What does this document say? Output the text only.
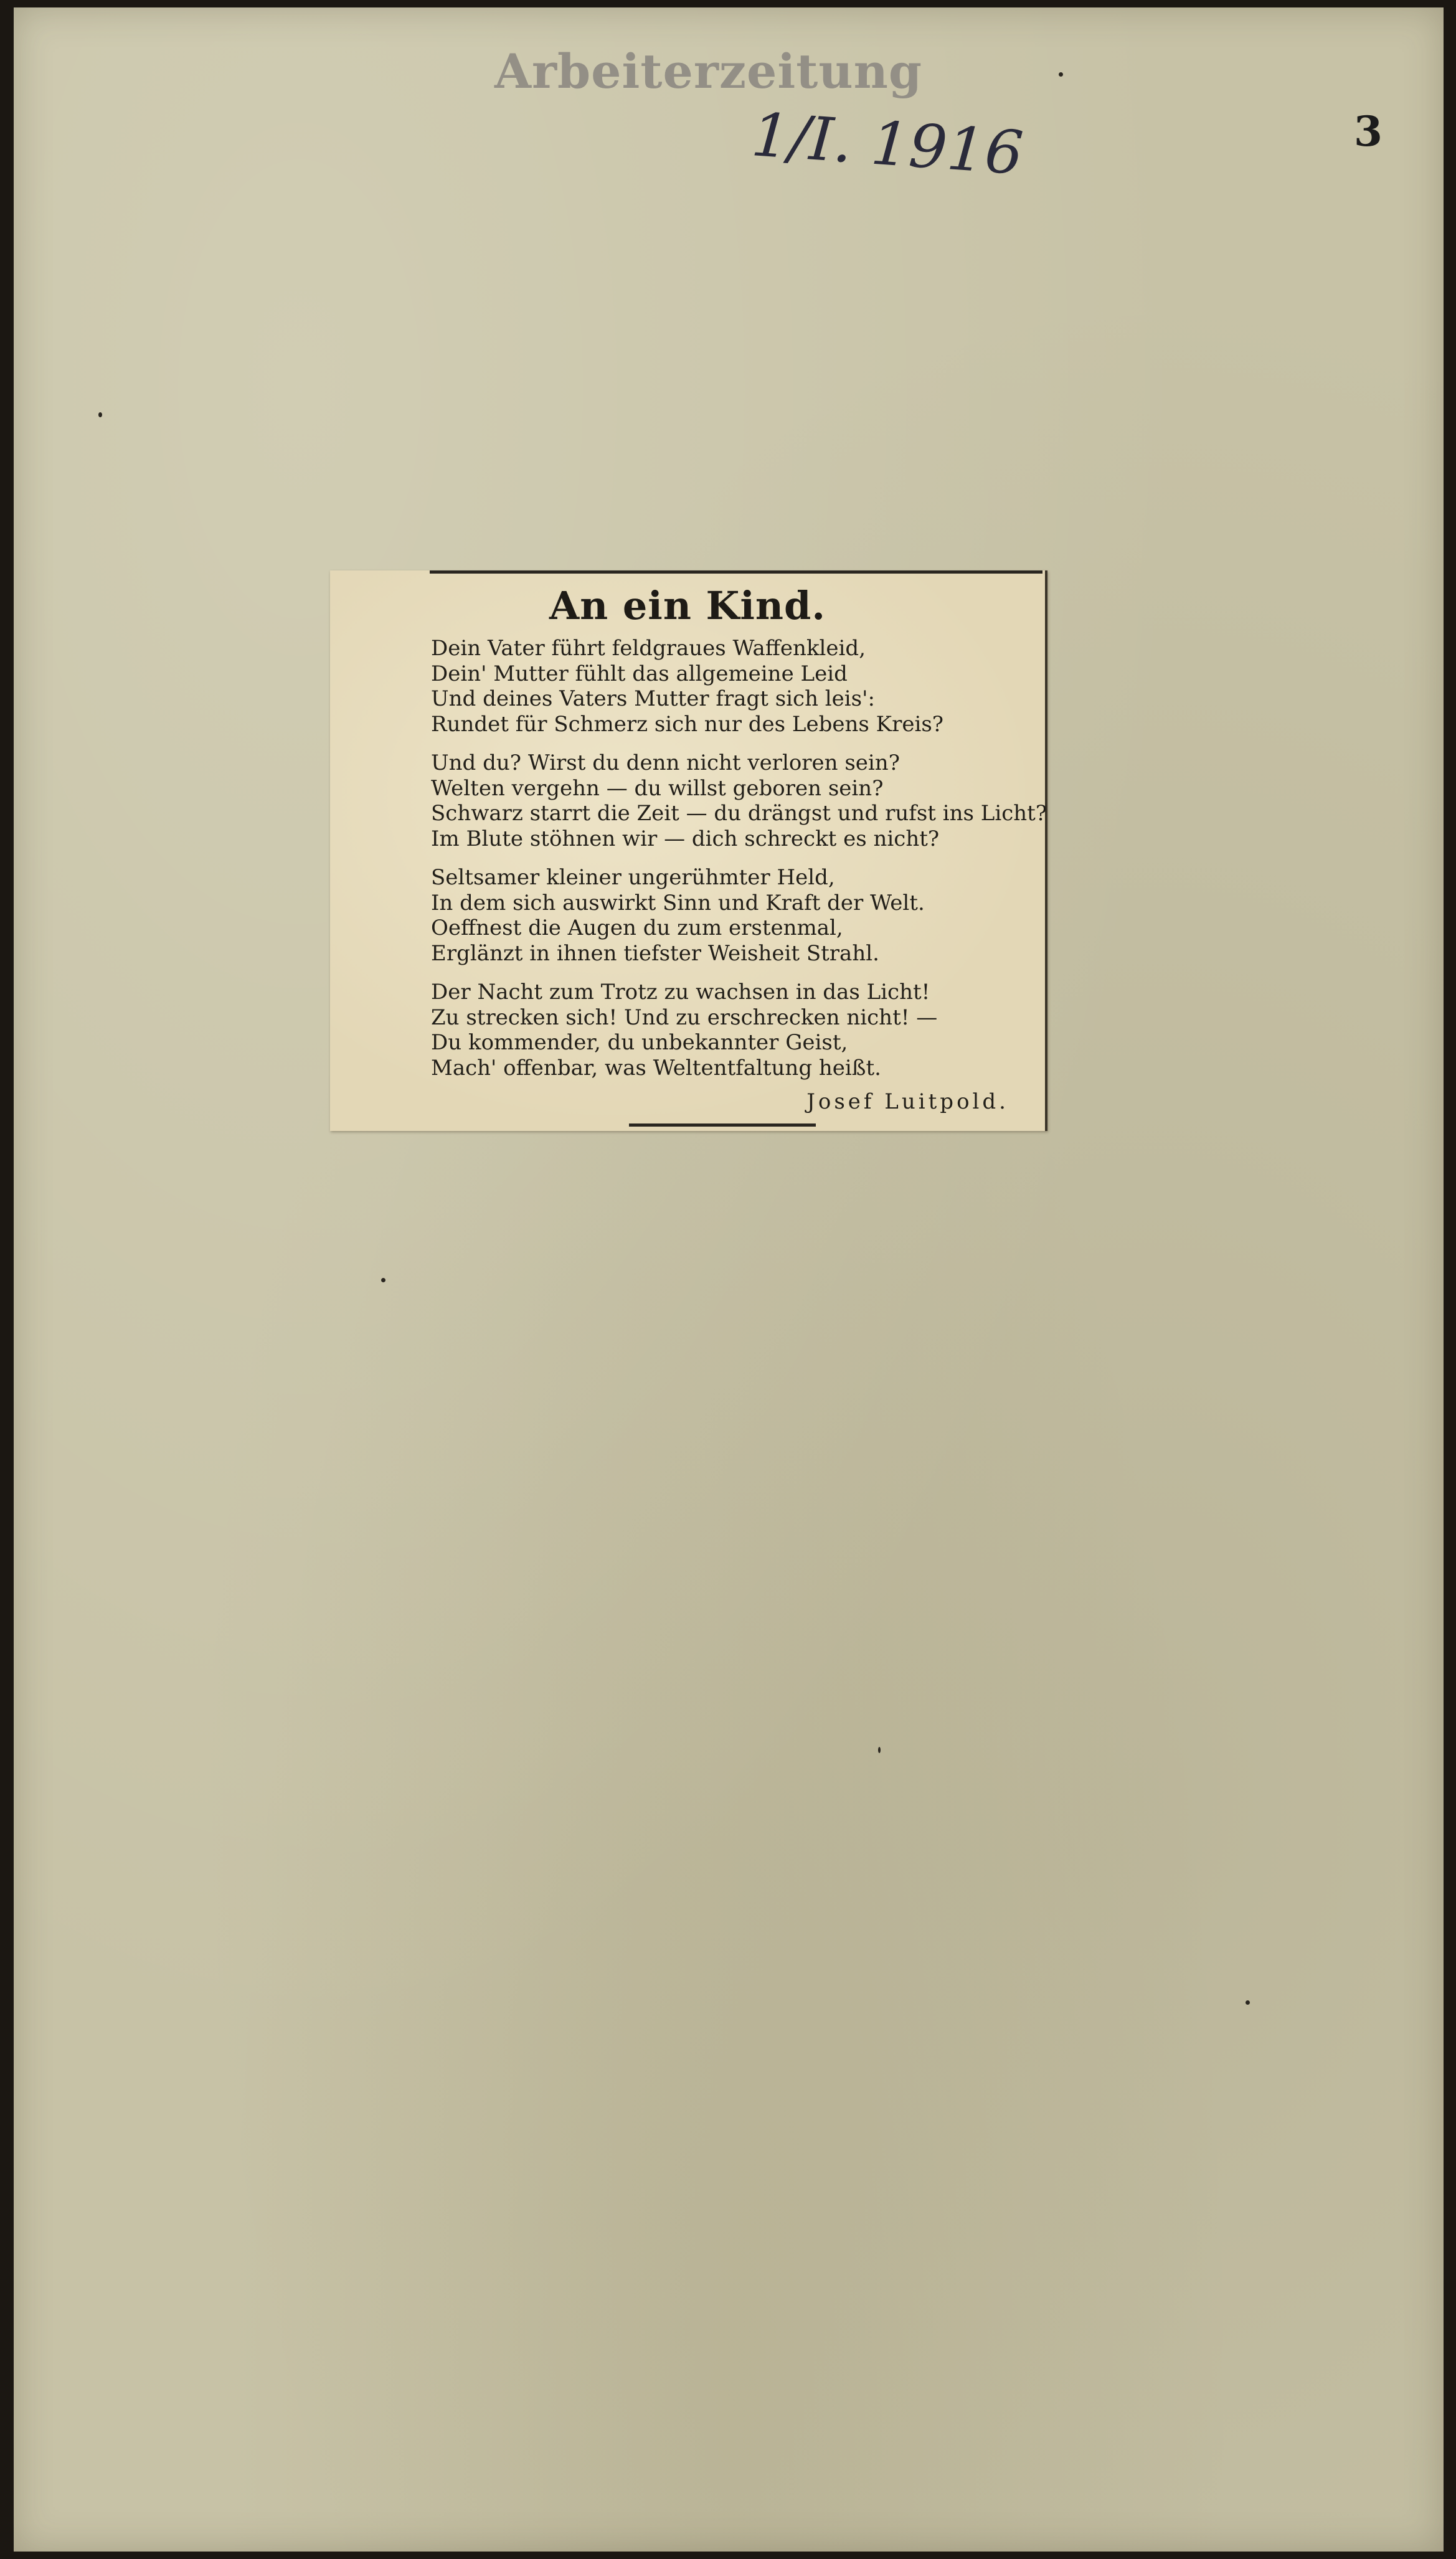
Arbeiterzeitung
1/I. 1916	3
An ein Kind.
Dein Vater führt feldgraues Waffenkleid,
Dein' Mutter fühlt das allgemeine Leid
Und deines Vaters Mutter fragt sich leis':
Rundet für Schmerz sich nur des Lebens Kreis?
Und du? Wirst du denn nicht verloren sein?
Welten vergehn — du willst geboren sein?
Schwarz starrt die Zeit — du drängst und rufst ins Licht?
Im Blute stöhnen wir — dich schreckt es nicht?
Seltsamer kleiner ungerühmter Held,
In dem sich auswirkt Sinn und Kraft der Welt.
Oeffnest die Augen du zum erstenmal,
Erglänzt in ihnen tiefster Weisheit Strahl.
Der Nacht zum Trotz zu wachsen in das Licht!
Zu strecken sich! Und zu erschrecken nicht! —
Du kommender, du unbekannter Geist,
Mach' offenbar, was Weltentfaltung heißt.
Josef Luitpold.
